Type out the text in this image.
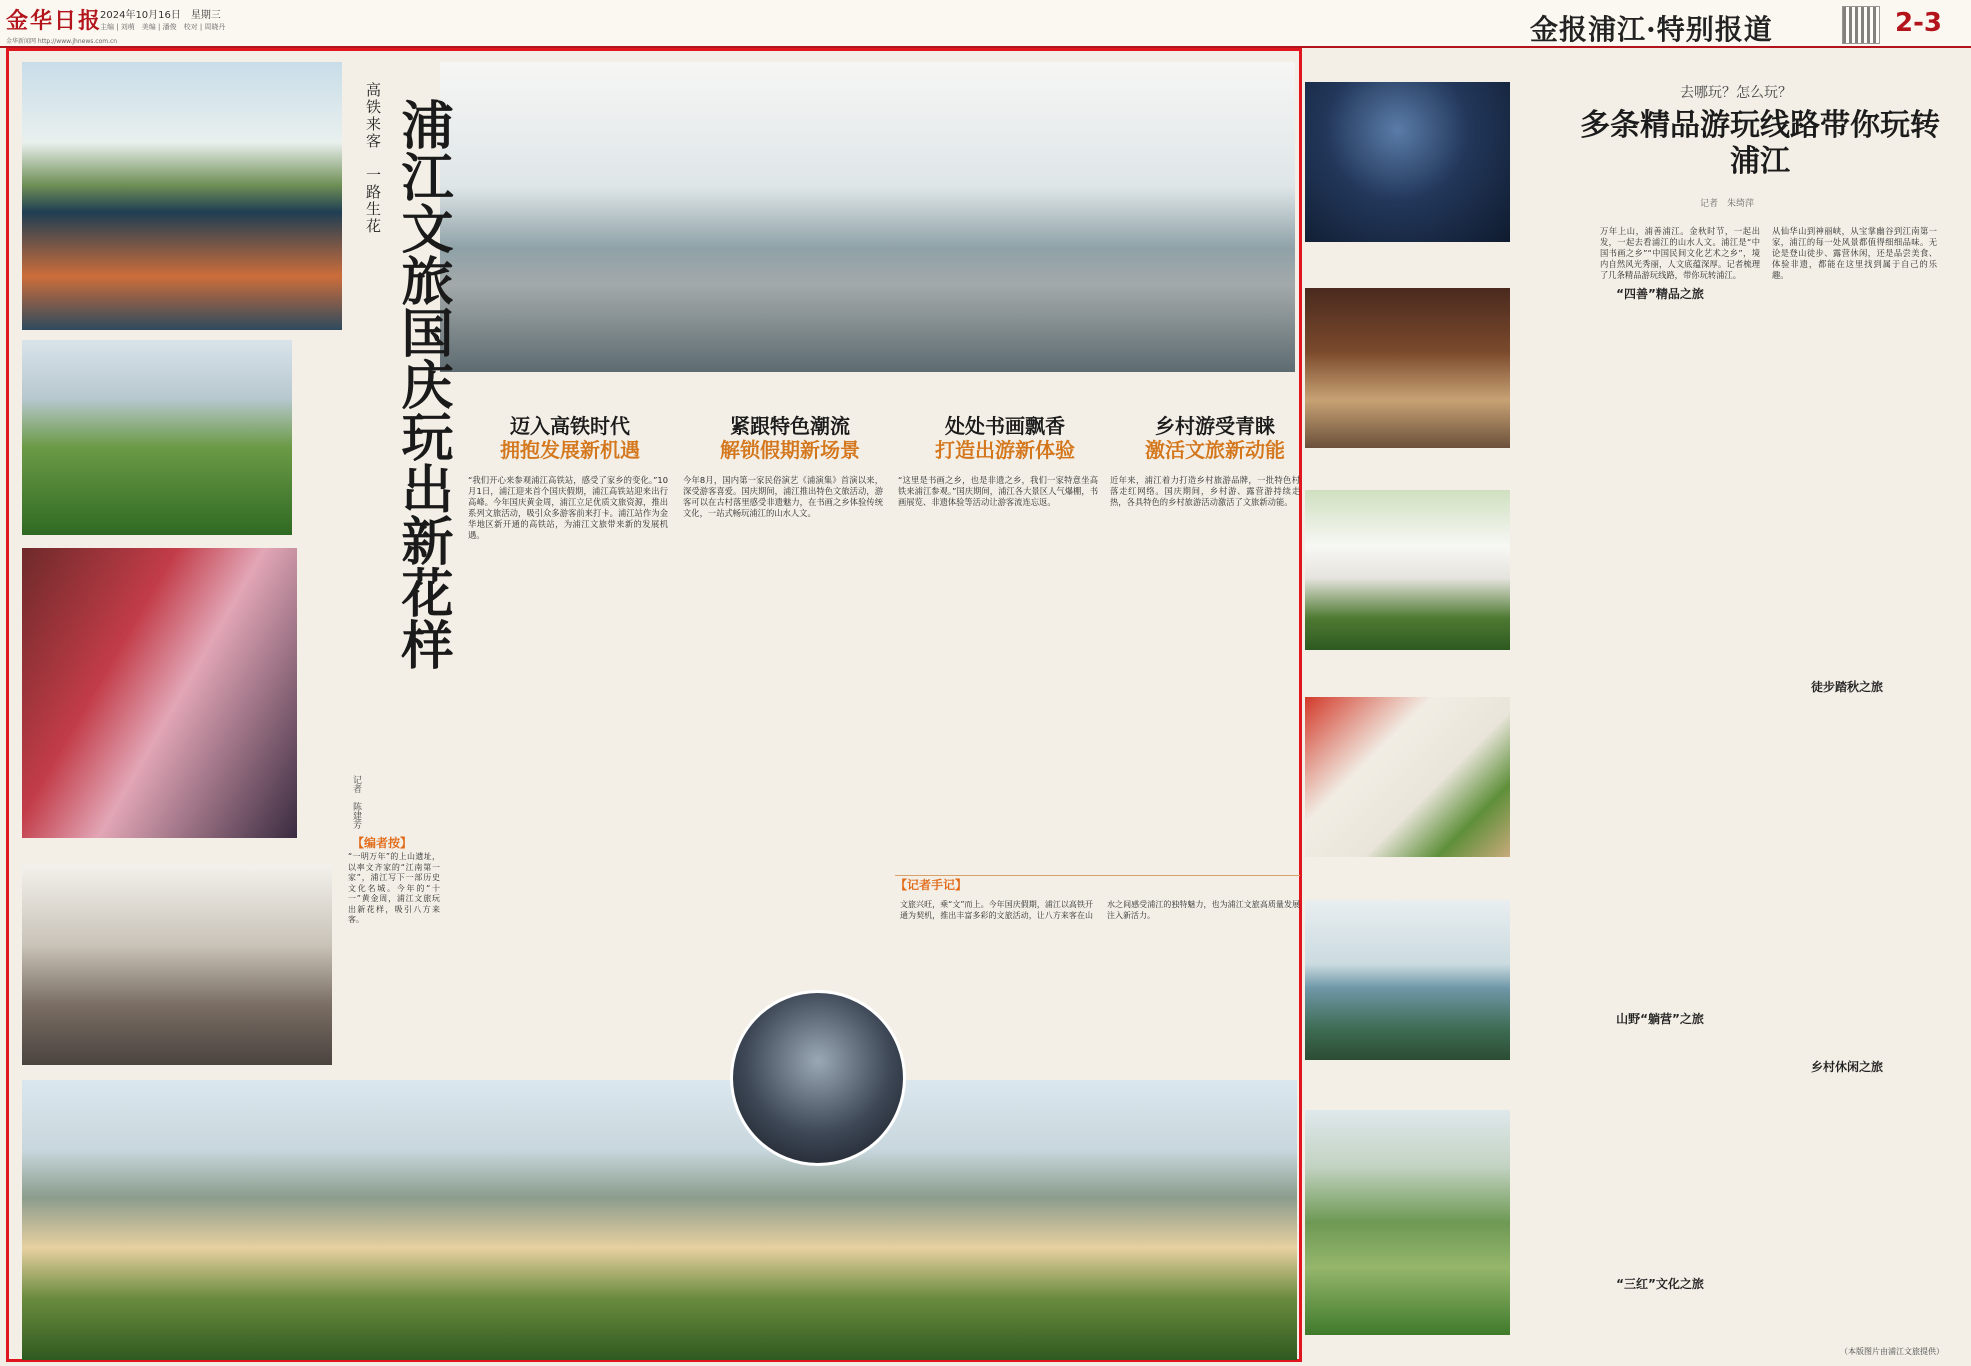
金华日报
2024年10月16日　星期三
主编 | 刘萌　美编 | 潘俊　校对 | 周晓丹
金华新闻网 http://www.jhnews.com.cn	金报浦江·特别报道	2-3
高铁来客　一路生花 浦江文旅国庆玩出新花样
记者　陈建芳
迈入高铁时代
拥抱发展新机遇
紧跟特色潮流
解锁假期新场景
处处书画飘香
打造出游新体验
乡村游受青睐
激活文旅新动能
“我们开心来参观浦江高铁站，感受了家乡的变化。”10月1日，浦江迎来首个国庆假期，浦江高铁站迎来出行高峰。今年国庆黄金周，浦江立足优质文旅资源，推出系列文旅活动，吸引众多游客前来打卡。浦江站作为金华地区新开通的高铁站，为浦江文旅带来新的发展机遇。
今年8月，国内第一家民俗演艺《浦演集》首演以来，深受游客喜爱。国庆期间，浦江推出特色文旅活动，游客可以在古村落里感受非遗魅力，在书画之乡体验传统文化，一站式畅玩浦江的山水人文。
“这里是书画之乡，也是非遗之乡，我们一家特意坐高铁来浦江参观。”国庆期间，浦江各大景区人气爆棚，书画展览、非遗体验等活动让游客流连忘返。
近年来，浦江着力打造乡村旅游品牌，一批特色村落走红网络。国庆期间，乡村游、露营游持续走热，各具特色的乡村旅游活动激活了文旅新动能。
【编者按】
“一明万年”的上山遗址，以率文齐家的“江南第一家”，浦江写下一部历史文化名城。今年的“十一”黄金周，浦江文旅玩出新花样，吸引八方来客。
【记者手记】
文旅兴旺，乘“文”而上。今年国庆假期，浦江以高铁开通为契机，推出丰富多彩的文旅活动，让八方来客在山水之间感受浦江的独特魅力，也为浦江文旅高质量发展注入新活力。
去哪玩？怎么玩？
多条精品游玩线路带你玩转浦江
记者　朱绮萍
万年上山，浦善浦江。金秋时节，一起出发，一起去看浦江的山水人文。浦江是“中国书画之乡”“中国民间文化艺术之乡”，境内自然风光秀丽，人文底蕴深厚。记者梳理了几条精品游玩线路，带你玩转浦江。
从仙华山到神丽峡，从宝掌幽谷到江南第一家，浦江的每一处风景都值得细细品味。无论是登山徒步、露营休闲，还是品尝美食、体验非遗，都能在这里找到属于自己的乐趣。
“四善”精品之旅
山野“躺营”之旅
“三红”文化之旅
徒步踏秋之旅
乡村休闲之旅
（本版图片由浦江文旅提供）
